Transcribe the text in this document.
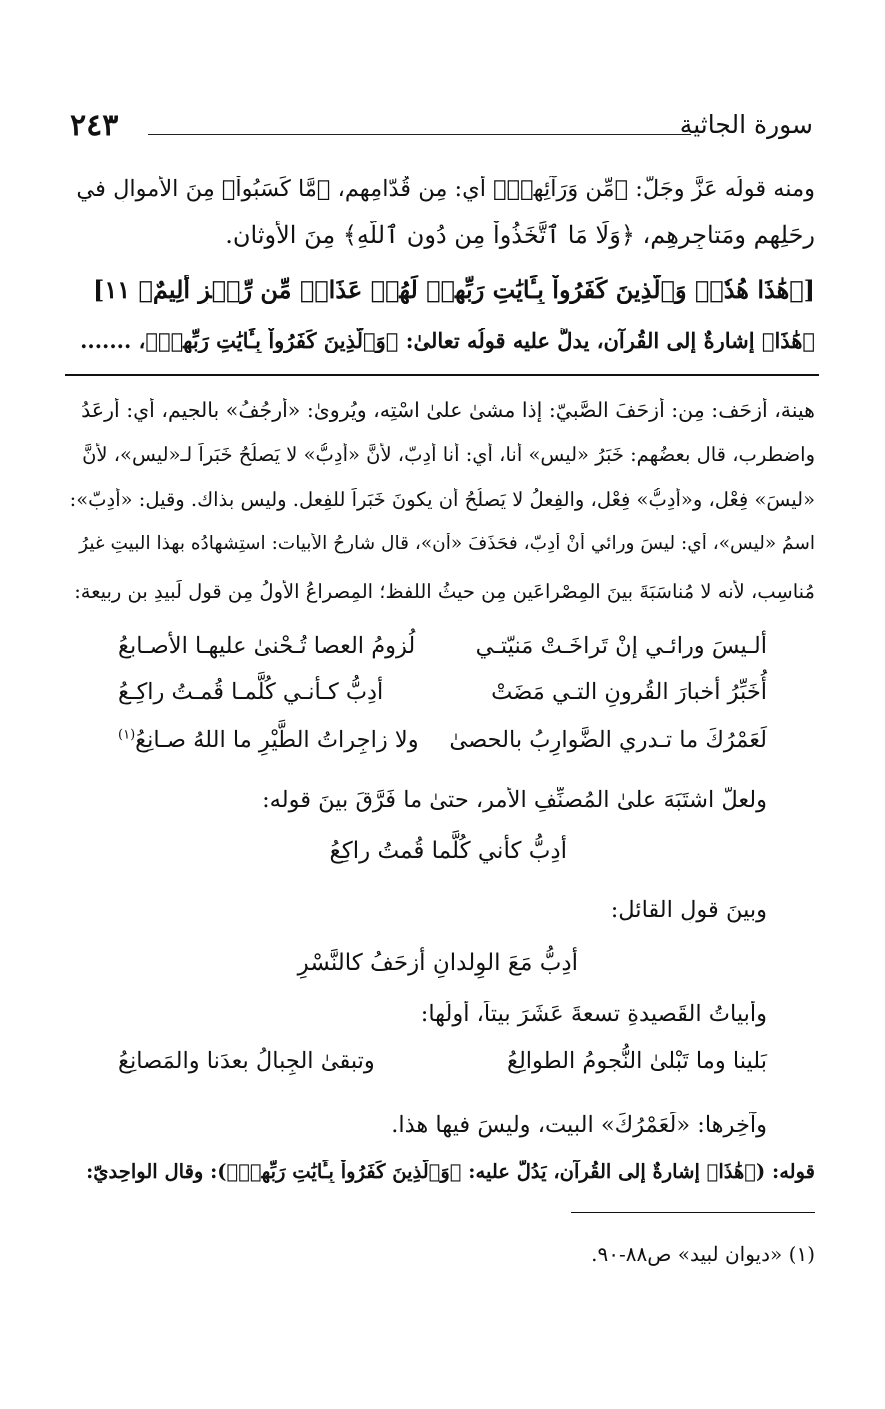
سورة الجاثية
٢٤٣
ومنه قولُه عَزَّ وجَلّ: ﴿مِّن وَرَآئِهِمۡ﴾ أي: مِن قُدّامِهِم، ﴿مَّا كَسَبُواْ﴾ مِنَ الأموالِ في
رِحَلِهِم ومَتاجِرِهِم، ﴿وَلَا مَا ٱتَّخَذُواْ مِن دُونِ ٱللَّهِ﴾ مِنَ الأوثان.
[﴿هَٰذَا هُدٗىۖ وَٱلَّذِينَ كَفَرُواْ بِـَٔايَٰتِ رَبِّهِمۡ لَهُمۡ عَذَابٞ مِّن رِّجۡزٍ أَلِيمٌ﴾ ١١]
﴿هَٰذَا﴾ إشارةٌ إلى القُرآن، يدلُّ عليه قولُه تعالىٰ: ﴿وَٱلَّذِينَ كَفَرُواْ بِـَٔايَٰتِ رَبِّهِمۡ﴾، .......
هينة، أزحَف: مِن: أزحَفَ الصَّبيّ: إذا مشىٰ علىٰ اسْتِه، ويُروىٰ: «أرجُفُ» بالجيم، أي: أرعَدُ
واضطرب، قال بعضُهم: خَبَرُ «ليس» أنا، أي: أنا أدِبّ، لأنَّ «أدِبُّ» لا يَصلُحُ خَبَراً لـ«ليس»، لأنَّ
«ليسَ» فِعْل، و«أدِبُّ» فِعْل، والفِعلُ لا يَصلُحُ أن يكونَ خَبَراً للفِعل. وليس بذاك. وقيل: «أدِبّ»:
اسمُ «ليس»، أي: ليسَ ورائي أنْ أدِبّ، فحَذَفَ «أن»، قال شارحُ الأبيات: استِشهادُه بهذا البيتِ غيرُ
مُناسِب، لأنه لا مُناسَبَةَ بينَ المِصْراعَينِ مِن حيثُ اللفظ؛ المِصراعُ الأولُ مِن قولِ لَبيدِ بنِ ربيعة:
ألـيسَ ورائـي إنْ تَراخَـتْ مَنيّتـي
لُزومُ العصا تُـحْنىٰ عليهـا الأصـابعُ
أُخَبِّرُ أخبارَ القُرونِ التـي مَضَتْ
أدِبُّ كـأنـي كُلَّمـا قُمـتُ راكِـعُ
لَعَمْرُكَ ما تـدري الضَّوارِبُ بالحصىٰ
ولا زاجِراتُ الطَّيْرِ ما اللهُ صـانِعُ$^{(١)}$
ولعلَّ اشتَبَهَ علىٰ المُصنِّفِ الأمر، حتىٰ ما فَرَّقَ بينَ قوله:
أدِبُّ كأني كُلَّما قُمتُ راكِعُ
وبينَ قولِ القائل:
أدِبُّ مَعَ الوِلدانِ أزحَفُ كالنَّسْرِ
وأبياتُ القَصيدةِ تسعةَ عَشَرَ بيتاً، أولُها:
بَلينا وما تَبْلىٰ النُّجومُ الطوالِعُ
وتبقىٰ الجِبالُ بعدَنا والمَصانِعُ
وآخِرها: «لَعَمْرُكَ» البيت، وليسَ فيها هذا.
قوله: (﴿هَٰذَا﴾ إشارةٌ إلى القُرآن، يَدُلُّ عليه: ﴿وَٱلَّذِينَ كَفَرُواْ بِـَٔايَٰتِ رَبِّهِمۡ﴾): وقال الواحِديّ:
(١) «ديوان لبيد» ص٨٨-٩٠.
